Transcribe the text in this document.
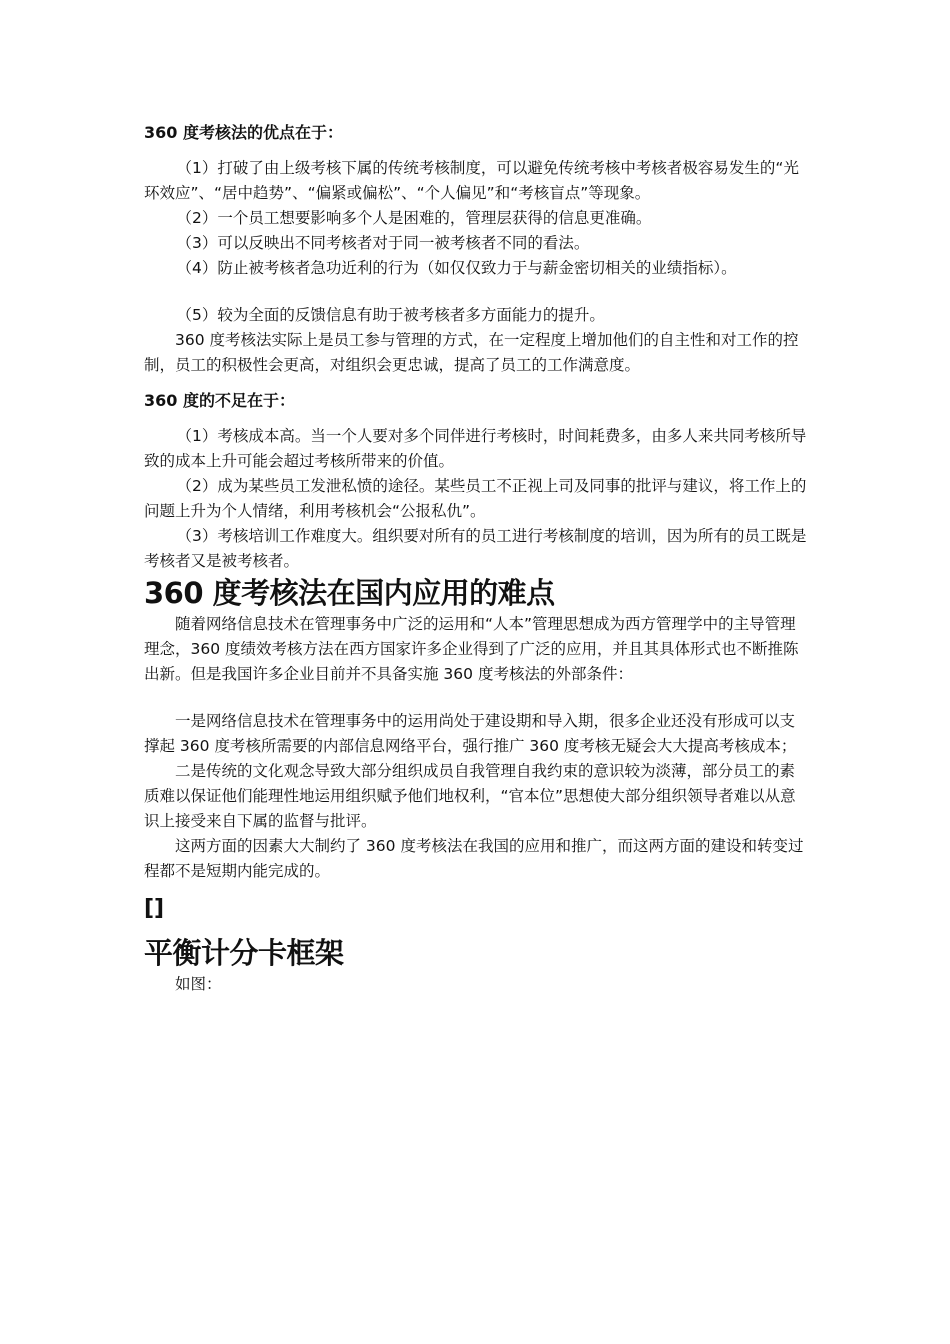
360 度考核法的优点在于：

（1）打破了由上级考核下属的传统考核制度，可以避免传统考核中考核者极容易发生的“光环效应”、“居中趋势”、“偏紧或偏松”、“个人偏见”和“考核盲点”等现象。

（2）一个员工想要影响多个人是困难的，管理层获得的信息更准确。

（3）可以反映出不同考核者对于同一被考核者不同的看法。

（4）防止被考核者急功近利的行为（如仅仅致力于与薪金密切相关的业绩指标）。

（5）较为全面的反馈信息有助于被考核者多方面能力的提升。

360 度考核法实际上是员工参与管理的方式，在一定程度上增加他们的自主性和对工作的控制，员工的积极性会更高，对组织会更忠诚，提高了员工的工作满意度。

360 度的不足在于：

（1）考核成本高。当一个人要对多个同伴进行考核时，时间耗费多，由多人来共同考核所导致的成本上升可能会超过考核所带来的价值。

（2）成为某些员工发泄私愤的途径。某些员工不正视上司及同事的批评与建议，将工作上的问题上升为个人情绪，利用考核机会“公报私仇”。

（3）考核培训工作难度大。组织要对所有的员工进行考核制度的培训，因为所有的员工既是考核者又是被考核者。

360 度考核法在国内应用的难点

随着网络信息技术在管理事务中广泛的运用和“人本”管理思想成为西方管理学中的主导管理理念，360 度绩效考核方法在西方国家许多企业得到了广泛的应用，并且其具体形式也不断推陈出新。但是我国许多企业目前并不具备实施 360 度考核法的外部条件：

一是网络信息技术在管理事务中的运用尚处于建设期和导入期，很多企业还没有形成可以支撑起 360 度考核所需要的内部信息网络平台，强行推广 360 度考核无疑会大大提高考核成本；

二是传统的文化观念导致大部分组织成员自我管理自我约束的意识较为淡薄，部分员工的素质难以保证他们能理性地运用组织赋予他们地权利，“官本位”思想使大部分组织领导者难以从意识上接受来自下属的监督与批评。

这两方面的因素大大制约了 360 度考核法在我国的应用和推广，而这两方面的建设和转变过程都不是短期内能完成的。

[]

平衡计分卡框架

如图：
